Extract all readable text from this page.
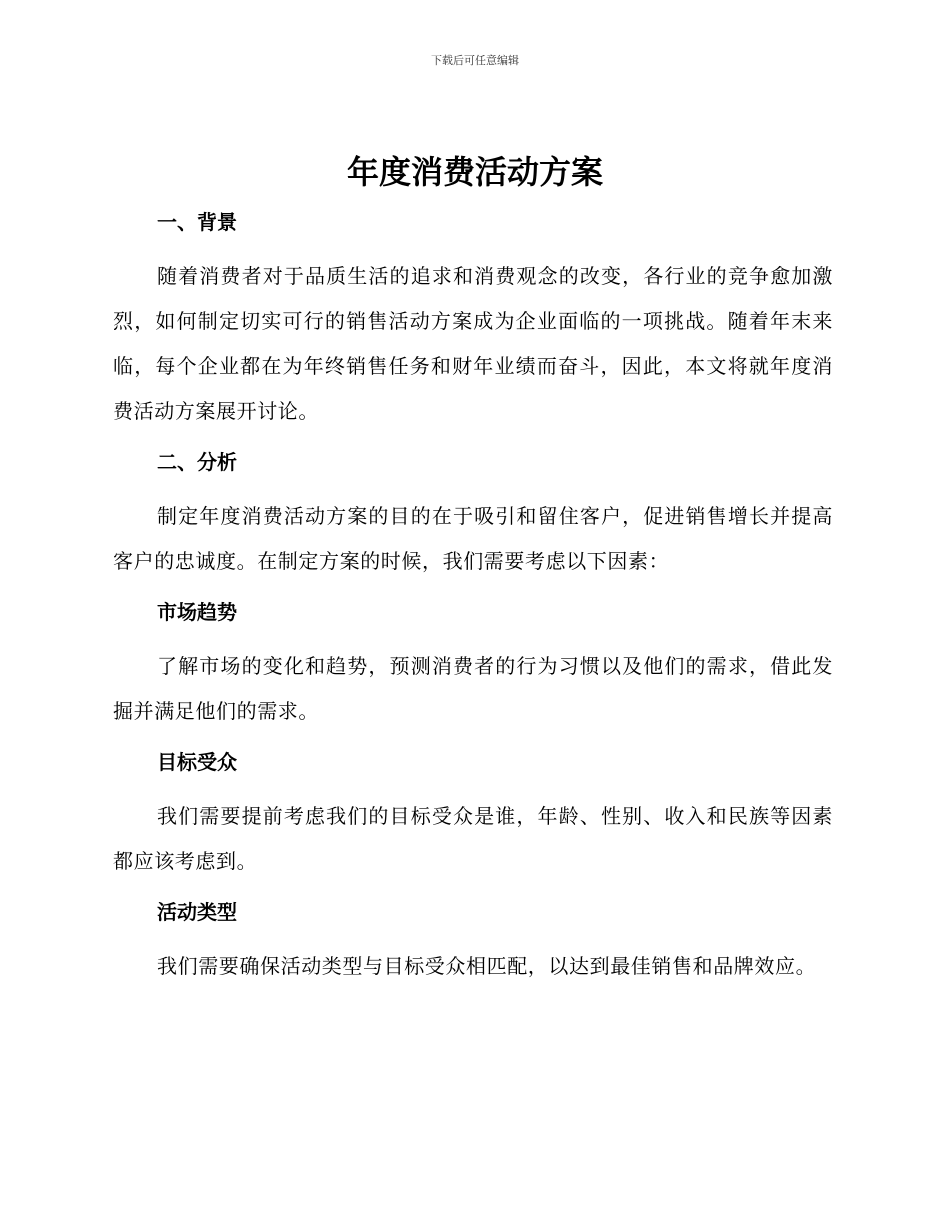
下载后可任意编辑
年度消费活动方案
一、背景

随着消费者对于品质生活的追求和消费观念的改变，各行业的竞争愈加激烈，如何制定切实可行的销售活动方案成为企业面临的一项挑战。随着年末来临，每个企业都在为年终销售任务和财年业绩而奋斗，因此，本文将就年度消费活动方案展开讨论。

二、分析

制定年度消费活动方案的目的在于吸引和留住客户，促进销售增长并提高客户的忠诚度。在制定方案的时候，我们需要考虑以下因素：

市场趋势

了解市场的变化和趋势，预测消费者的行为习惯以及他们的需求，借此发掘并满足他们的需求。

目标受众

我们需要提前考虑我们的目标受众是谁，年龄、性别、收入和民族等因素都应该考虑到。

活动类型

我们需要确保活动类型与目标受众相匹配，以达到最佳销售和品牌效应。
